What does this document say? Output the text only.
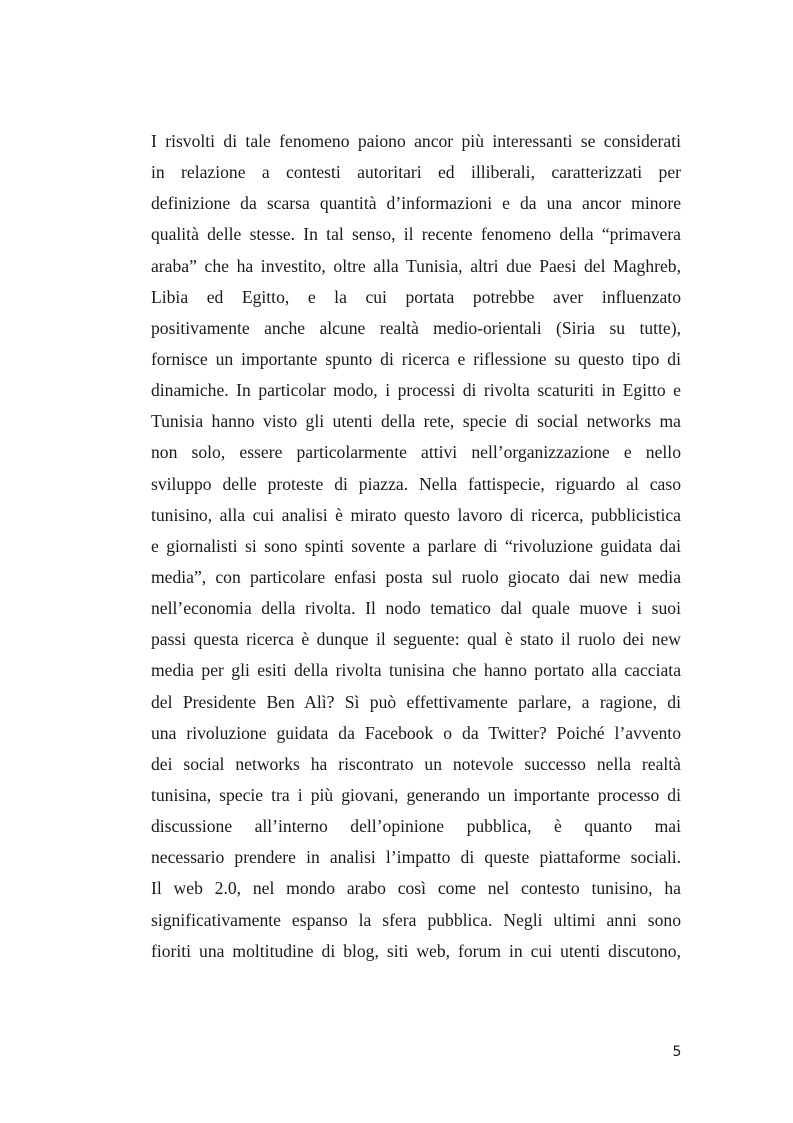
I risvolti di tale fenomeno paiono ancor più interessanti se considerati
in relazione a contesti autoritari ed illiberali, caratterizzati per
definizione da scarsa quantità d’informazioni e da una ancor minore
qualità delle stesse. In tal senso, il recente fenomeno della “primavera
araba” che ha investito, oltre alla Tunisia, altri due Paesi del Maghreb,
Libia ed Egitto, e la cui portata potrebbe aver influenzato
positivamente anche alcune realtà medio-orientali (Siria su tutte),
fornisce un importante spunto di ricerca e riflessione su questo tipo di
dinamiche. In particolar modo, i processi di rivolta scaturiti in Egitto e
Tunisia hanno visto gli utenti della rete, specie di social networks ma
non solo, essere particolarmente attivi nell’organizzazione e nello
sviluppo delle proteste di piazza. Nella fattispecie, riguardo al caso
tunisino, alla cui analisi è mirato questo lavoro di ricerca, pubblicistica
e giornalisti si sono spinti sovente a parlare di “rivoluzione guidata dai
media”, con particolare enfasi posta sul ruolo giocato dai new media
nell’economia della rivolta. Il nodo tematico dal quale muove i suoi
passi questa ricerca è dunque il seguente: qual è stato il ruolo dei new
media per gli esiti della rivolta tunisina che hanno portato alla cacciata
del Presidente Ben Alì? Sì può effettivamente parlare, a ragione, di
una rivoluzione guidata da Facebook o da Twitter? Poiché l’avvento
dei social networks ha riscontrato un notevole successo nella realtà
tunisina, specie tra i più giovani, generando un importante processo di
discussione all’interno dell’opinione pubblica, è quanto mai
necessario prendere in analisi l’impatto di queste piattaforme sociali.
Il web 2.0, nel mondo arabo così come nel contesto tunisino, ha
significativamente espanso la sfera pubblica. Negli ultimi anni sono
fioriti una moltitudine di blog, siti web, forum in cui utenti discutono,

5
